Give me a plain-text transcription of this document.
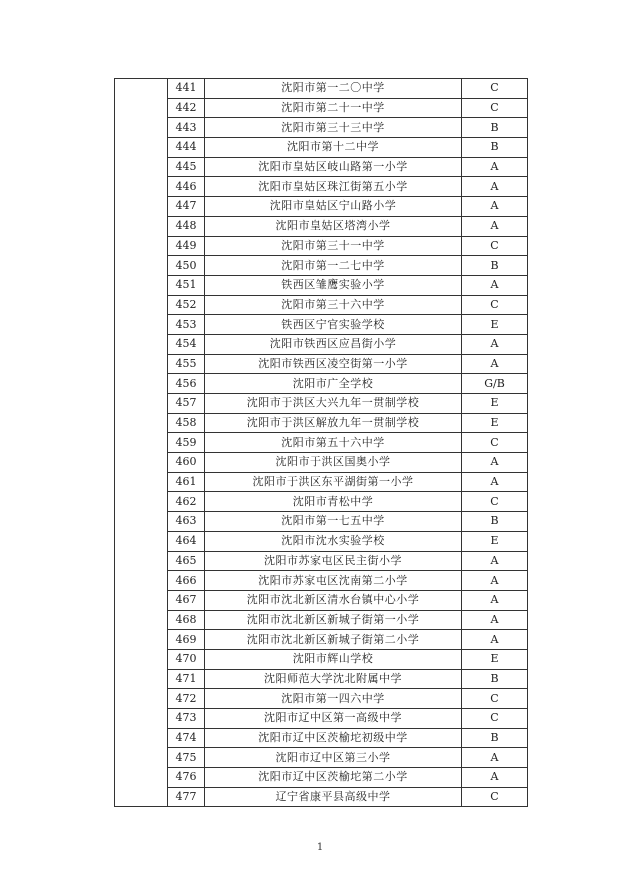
	441	沈阳市第一二〇中学	C
	442	沈阳市第二十一中学	C
	443	沈阳市第三十三中学	B
	444	沈阳市第十二中学	B
	445	沈阳市皇姑区岐山路第一小学	A
	446	沈阳市皇姑区珠江街第五小学	A
	447	沈阳市皇姑区宁山路小学	A
	448	沈阳市皇姑区塔湾小学	A
	449	沈阳市第三十一中学	C
	450	沈阳市第一二七中学	B
	451	铁西区雏鹰实验小学	A
	452	沈阳市第三十六中学	C
	453	铁西区宁官实验学校	E
	454	沈阳市铁西区应昌街小学	A
	455	沈阳市铁西区凌空街第一小学	A
	456	沈阳市广全学校	G/B
	457	沈阳市于洪区大兴九年一贯制学校	E
	458	沈阳市于洪区解放九年一贯制学校	E
	459	沈阳市第五十六中学	C
	460	沈阳市于洪区国奥小学	A
	461	沈阳市于洪区东平湖街第一小学	A
	462	沈阳市青松中学	C
	463	沈阳市第一七五中学	B
	464	沈阳市沈水实验学校	E
	465	沈阳市苏家屯区民主街小学	A
	466	沈阳市苏家屯区沈南第二小学	A
	467	沈阳市沈北新区清水台镇中心小学	A
	468	沈阳市沈北新区新城子街第一小学	A
	469	沈阳市沈北新区新城子街第二小学	A
	470	沈阳市辉山学校	E
	471	沈阳师范大学沈北附属中学	B
	472	沈阳市第一四六中学	C
	473	沈阳市辽中区第一高级中学	C
	474	沈阳市辽中区茨榆坨初级中学	B
	475	沈阳市辽中区第三小学	A
	476	沈阳市辽中区茨榆坨第二小学	A
	477	辽宁省康平县高级中学	C
1
